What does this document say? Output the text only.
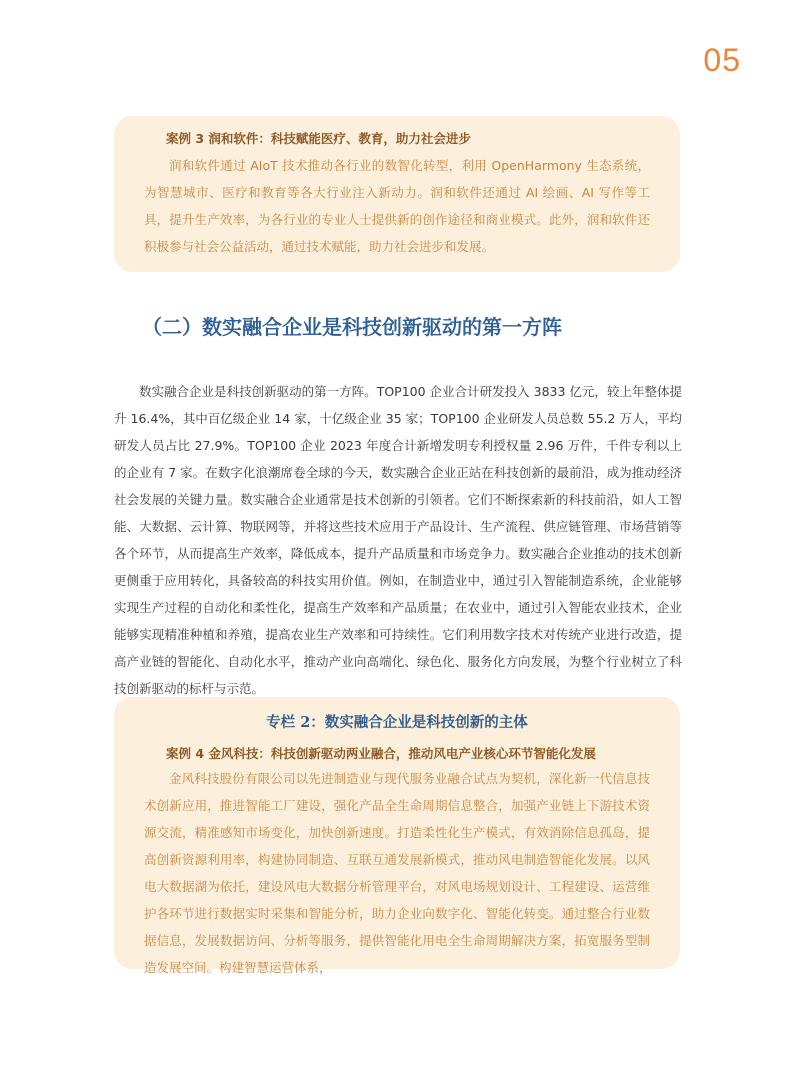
05

案例 3 润和软件：科技赋能医疗、教育，助力社会进步

润和软件通过 AIoT 技术推动各行业的数智化转型，利用 OpenHarmony 生态系统，为智慧城市、医疗和教育等各大行业注入新动力。润和软件还通过 AI 绘画、AI 写作等工具，提升生产效率，为各行业的专业人士提供新的创作途径和商业模式。此外，润和软件还积极参与社会公益活动，通过技术赋能，助力社会进步和发展。

（二）数实融合企业是科技创新驱动的第一方阵

数实融合企业是科技创新驱动的第一方阵。TOP100 企业合计研发投入 3833 亿元，较上年整体提升 16.4%，其中百亿级企业 14 家，十亿级企业 35 家；TOP100 企业研发人员总数 55.2 万人，平均研发人员占比 27.9%。TOP100 企业 2023 年度合计新增发明专利授权量 2.96 万件，千件专利以上的企业有 7 家。在数字化浪潮席卷全球的今天，数实融合企业正站在科技创新的最前沿，成为推动经济社会发展的关键力量。数实融合企业通常是技术创新的引领者。它们不断探索新的科技前沿，如人工智能、大数据、云计算、物联网等，并将这些技术应用于产品设计、生产流程、供应链管理、市场营销等各个环节，从而提高生产效率，降低成本，提升产品质量和市场竞争力。数实融合企业推动的技术创新更侧重于应用转化，具备较高的科技实用价值。例如，在制造业中，通过引入智能制造系统，企业能够实现生产过程的自动化和柔性化，提高生产效率和产品质量；在农业中，通过引入智能农业技术，企业能够实现精准种植和养殖，提高农业生产效率和可持续性。它们利用数字技术对传统产业进行改造，提高产业链的智能化、自动化水平，推动产业向高端化、绿色化、服务化方向发展，为整个行业树立了科技创新驱动的标杆与示范。

专栏 2：数实融合企业是科技创新的主体

案例 4 金风科技：科技创新驱动两业融合，推动风电产业核心环节智能化发展

金风科技股份有限公司以先进制造业与现代服务业融合试点为契机，深化新一代信息技术创新应用，推进智能工厂建设，强化产品全生命周期信息整合，加强产业链上下游技术资源交流，精准感知市场变化，加快创新速度。打造柔性化生产模式，有效消除信息孤岛，提高创新资源利用率，构建协同制造、互联互通发展新模式，推动风电制造智能化发展。以风电大数据湖为依托，建设风电大数据分析管理平台，对风电场规划设计、工程建设、运营维护各环节进行数据实时采集和智能分析，助力企业向数字化、智能化转变。通过整合行业数据信息，发展数据访问、分析等服务，提供智能化用电全生命周期解决方案，拓宽服务型制造发展空间。构建智慧运营体系，
